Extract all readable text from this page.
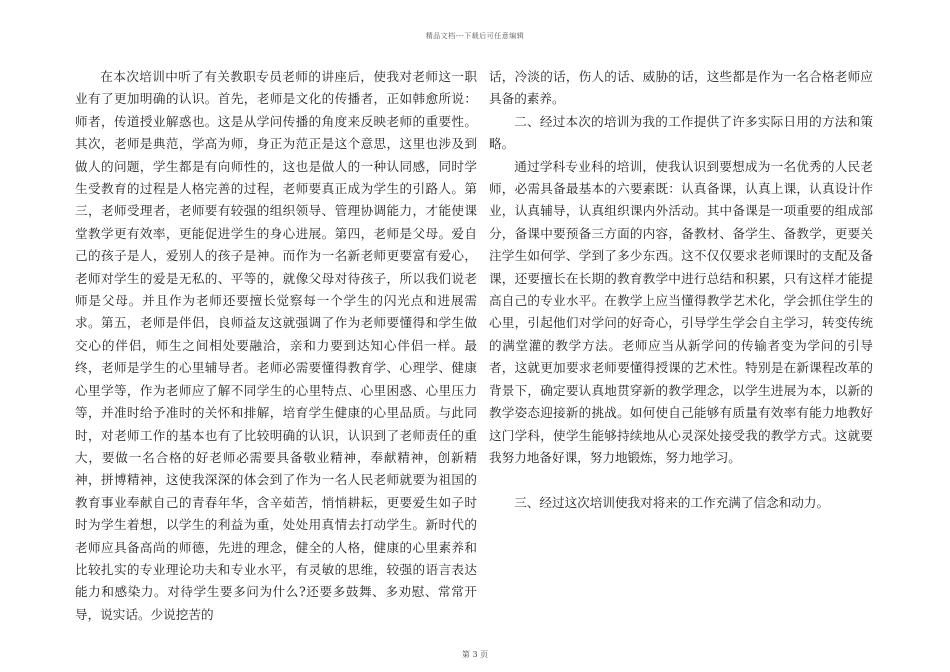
精品文档---下载后可任意编辑

在本次培训中听了有关教职专员老师的讲座后，使我对老师这一职业有了更加明确的认识。首先，老师是文化的传播者，正如韩愈所说：师者，传道授业解惑也。这是从学问传播的角度来反映老师的重要性。其次，老师是典范，学高为师，身正为范正是这个意思，这里也涉及到做人的问题，学生都是有向师性的，这也是做人的一种认同感，同时学生受教育的过程是人格完善的过程，老师要真正成为学生的引路人。第三，老师受理者，老师要有较强的组织领导、管理协调能力，才能使课堂教学更有效率，更能促进学生的身心进展。第四，老师是父母。爱自己的孩子是人，爱别人的孩子是神。而作为一名新老师更要富有爱心，老师对学生的爱是无私的、平等的，就像父母对待孩子，所以我们说老师是父母。并且作为老师还要擅长觉察每一个学生的闪光点和进展需求。第五，老师是伴侣，良师益友这就强调了作为老师要懂得和学生做交心的伴侣，师生之间相处要融洽，亲和力要到达知心伴侣一样。最终，老师是学生的心里辅导者。老师必需要懂得教育学、心理学、健康心里学等，作为老师应了解不同学生的心里特点、心里困惑、心里压力等，并准时给予准时的关怀和排解，培育学生健康的心里品质。与此同时，对老师工作的基本也有了比较明确的认识，认识到了老师责任的重大，要做一名合格的好老师必需要具备敬业精神，奉献精神，创新精神，拼博精神，这使我深深的体会到了作为一名人民老师就要为祖国的教育事业奉献自己的青春年华，含辛茹苦，悄悄耕耘，更要爱生如子时时为学生着想，以学生的利益为重，处处用真情去打动学生。新时代的老师应具备高尚的师德，先进的理念，健全的人格，健康的心里素养和比较扎实的专业理论功夫和专业水平，有灵敏的思维，较强的语言表达能力和感染力。对待学生要多问为什么?还要多鼓舞、多劝慰、常常开导，说实话。少说挖苦的

话，冷淡的话，伤人的话、威胁的话，这些都是作为一名合格老师应具备的素养。

二、经过本次的培训为我的工作提供了许多实际日用的方法和策略。

通过学科专业科的培训，使我认识到要想成为一名优秀的人民老师，必需具备最基本的六要素既：认真备课，认真上课，认真设计作业，认真辅导，认真组织课内外活动。其中备课是一项重要的组成部分，备课中要预备三方面的内容，备教材、备学生、备教学，更要关注学生如何学、学到了多少东西。这不仅仅要求老师课时的支配及备课，还要擅长在长期的教育教学中进行总结和积累，只有这样才能提高自己的专业水平。在教学上应当懂得教学艺术化，学会抓住学生的心里，引起他们对学问的好奇心，引导学生学会自主学习，转变传统的满堂灌的教学方法。老师应当从新学问的传输者变为学问的引导者，这就更加要求老师要懂得授课的艺术性。特别是在新课程改革的背景下，确定要认真地贯穿新的教学理念，以学生进展为本，以新的教学姿态迎接新的挑战。如何使自己能够有质量有效率有能力地教好这门学科，使学生能够持续地从心灵深处接受我的教学方式。这就要我努力地备好课，努力地锻炼，努力地学习。

三、经过这次培训使我对将来的工作充满了信念和动力。

第 3 页
